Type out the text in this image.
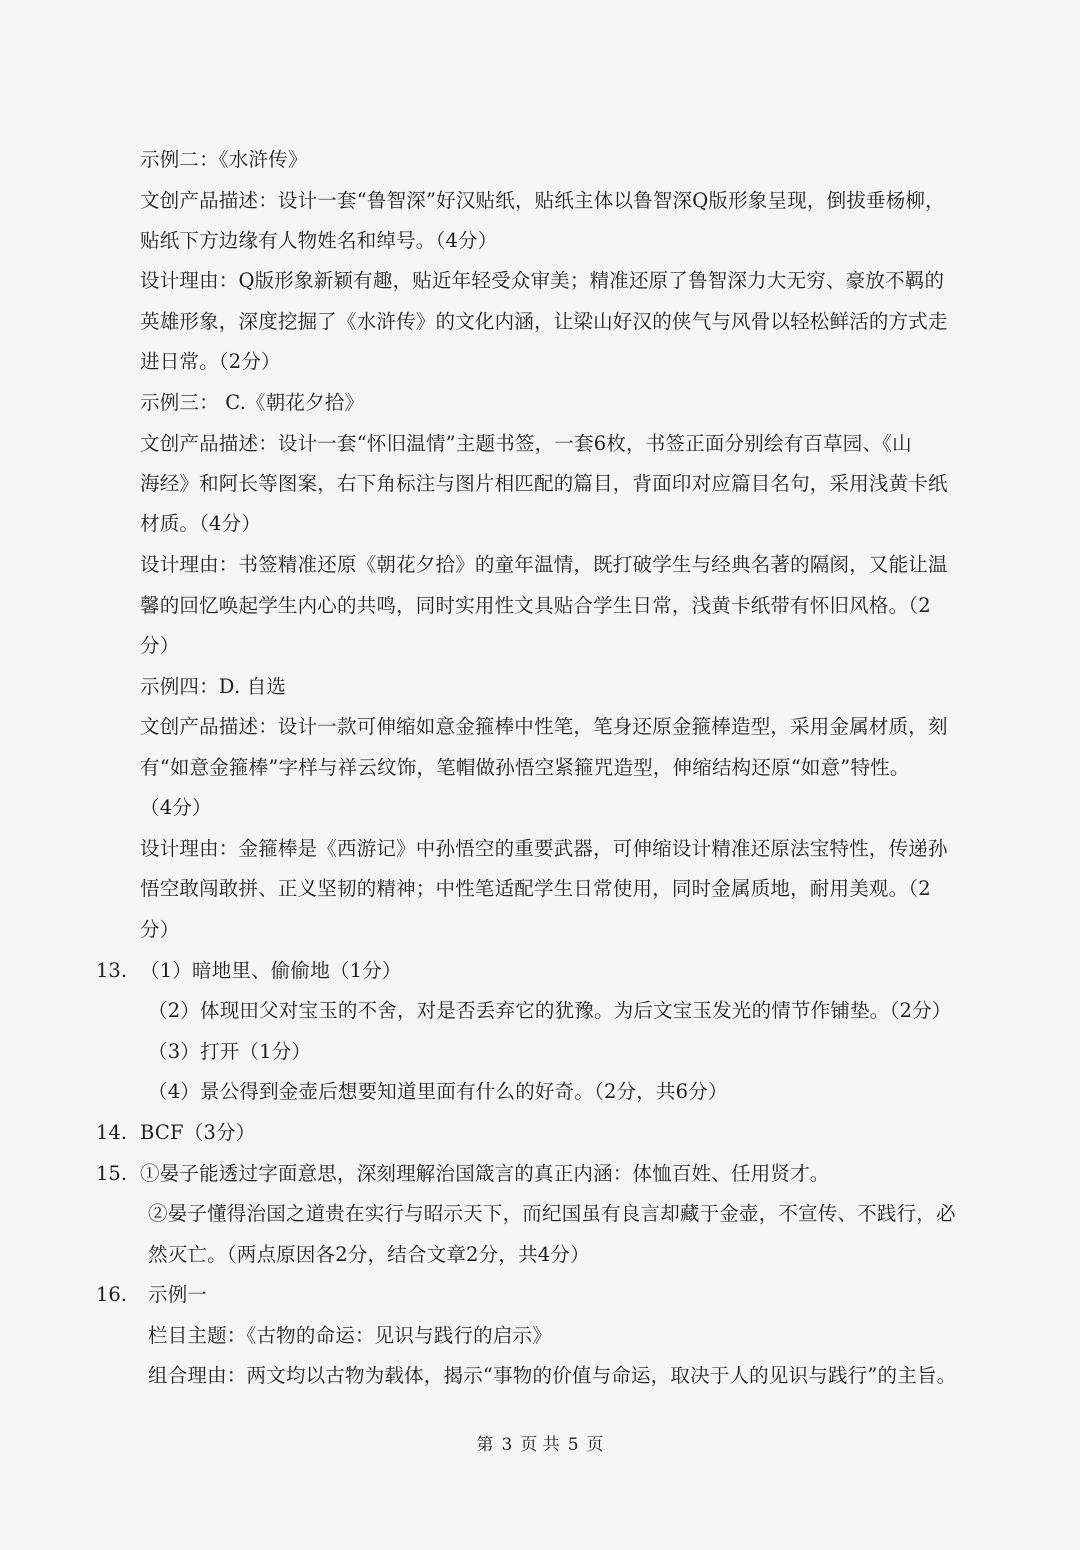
示例二：《水浒传》
文创产品描述：设计一套“鲁智深”好汉贴纸，贴纸主体以鲁智深Q版形象呈现，倒拔垂杨柳，
贴纸下方边缘有人物姓名和绰号。（4分）
设计理由：Q版形象新颖有趣，贴近年轻受众审美；精准还原了鲁智深力大无穷、豪放不羁的
英雄形象，深度挖掘了《水浒传》的文化内涵，让梁山好汉的侠气与风骨以轻松鲜活的方式走
进日常。（2分）
示例三： C.《朝花夕拾》
文创产品描述：设计一套“怀旧温情”主题书签，一套6枚，书签正面分别绘有百草园、《山
海经》和阿长等图案，右下角标注与图片相匹配的篇目，背面印对应篇目名句，采用浅黄卡纸
材质。（4分）
设计理由：书签精准还原《朝花夕拾》的童年温情，既打破学生与经典名著的隔阂，又能让温
馨的回忆唤起学生内心的共鸣，同时实用性文具贴合学生日常，浅黄卡纸带有怀旧风格。（2
分）
示例四：D. 自选
文创产品描述：设计一款可伸缩如意金箍棒中性笔，笔身还原金箍棒造型，采用金属材质，刻
有“如意金箍棒”字样与祥云纹饰，笔帽做孙悟空紧箍咒造型，伸缩结构还原“如意”特性。
（4分）
设计理由：金箍棒是《西游记》中孙悟空的重要武器，可伸缩设计精准还原法宝特性，传递孙
悟空敢闯敢拼、正义坚韧的精神；中性笔适配学生日常使用，同时金属质地，耐用美观。（2
分）
13. （1）暗地里、偷偷地（1分）
（2）体现田父对宝玉的不舍，对是否丢弃它的犹豫。为后文宝玉发光的情节作铺垫。（2分）
（3）打开（1分）
（4）景公得到金壶后想要知道里面有什么的好奇。（2分，共6分）
14. BCF（3分）
15. ①晏子能透过字面意思，深刻理解治国箴言的真正内涵：体恤百姓、任用贤才。
②晏子懂得治国之道贵在实行与昭示天下，而纪国虽有良言却藏于金壶，不宣传、不践行，必
然灭亡。（两点原因各2分，结合文章2分，共4分）
16. 示例一
栏目主题：《古物的命运：见识与践行的启示》
组合理由：两文均以古物为载体，揭示“事物的价值与命运，取决于人的见识与践行”的主旨。
第 3 页 共 5 页
